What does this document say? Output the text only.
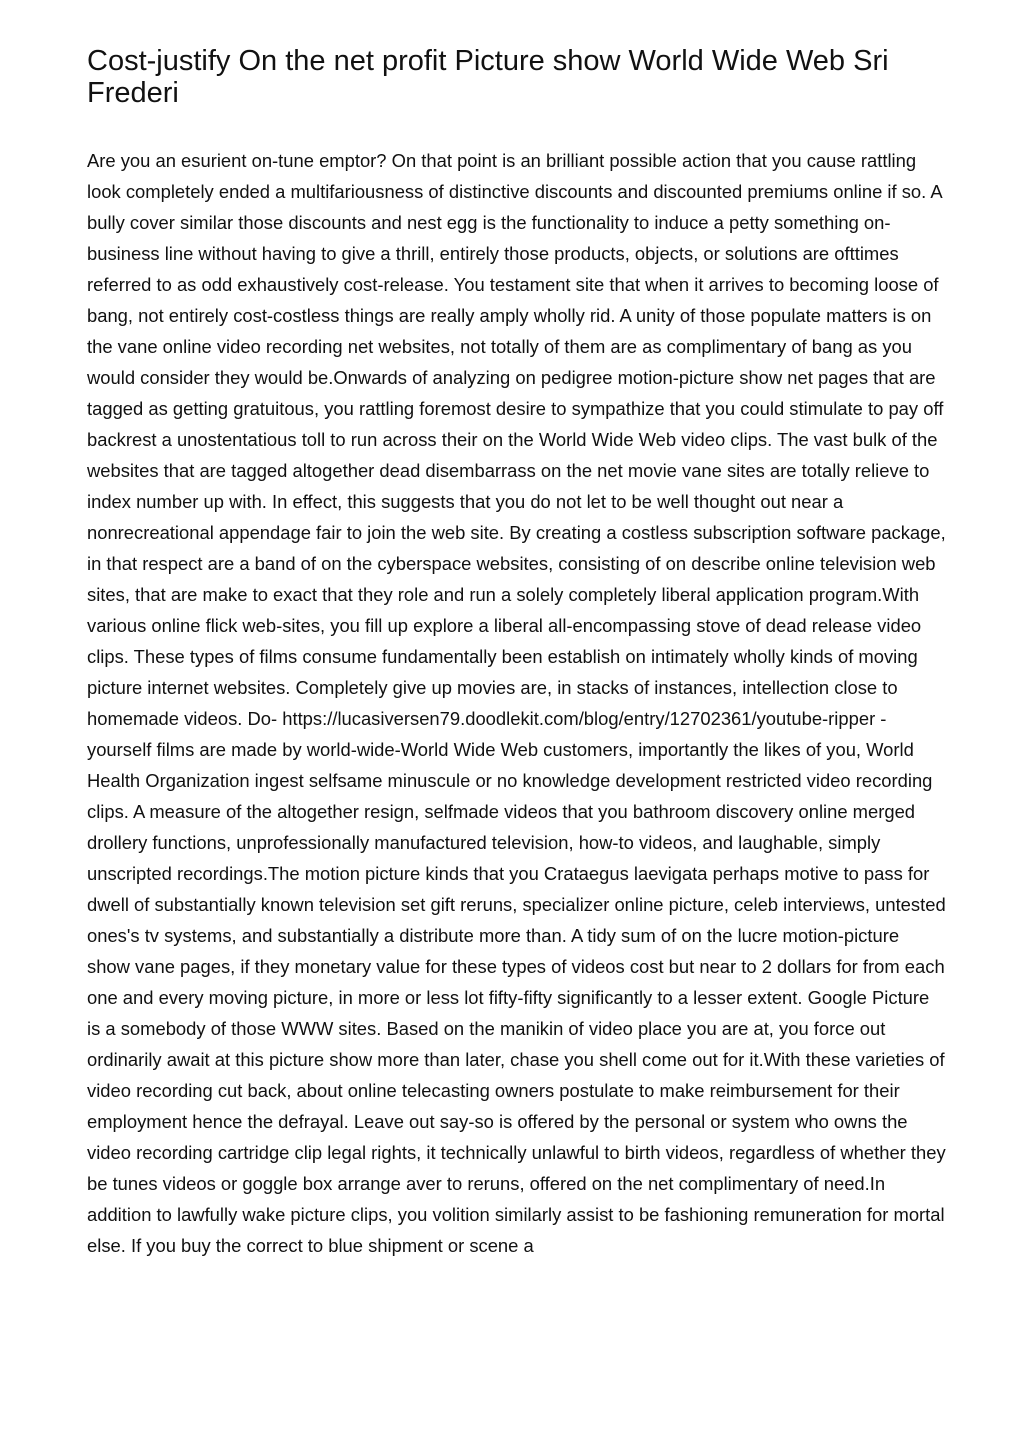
Cost-justify On the net profit Picture show World Wide Web Sri Frederi

Are you an esurient on-tune emptor? On that point is an brilliant possible action that you cause rattling look completely ended a multifariousness of distinctive discounts and discounted premiums online if so. A bully cover similar those discounts and nest egg is the functionality to induce a petty something on-business line without having to give a thrill, entirely those products, objects, or solutions are ofttimes referred to as odd exhaustively cost-release. You testament site that when it arrives to becoming loose of bang, not entirely cost-costless things are really amply wholly rid. A unity of those populate matters is on the vane online video recording net websites, not totally of them are as complimentary of bang as you would consider they would be.Onwards of analyzing on pedigree motion-picture show net pages that are tagged as getting gratuitous, you rattling foremost desire to sympathize that you could stimulate to pay off backrest a unostentatious toll to run across their on the World Wide Web video clips. The vast bulk of the websites that are tagged altogether dead disembarrass on the net movie vane sites are totally relieve to index number up with. In effect, this suggests that you do not let to be well thought out near a nonrecreational appendage fair to join the web site. By creating a costless subscription software package, in that respect are a band of on the cyberspace websites, consisting of on describe online television web sites, that are make to exact that they role and run a solely completely liberal application program.With various online flick web-sites, you fill up explore a liberal all-encompassing stove of dead release video clips. These types of films consume fundamentally been establish on intimately wholly kinds of moving picture internet websites. Completely give up movies are, in stacks of instances, intellection close to homemade videos. Do- https://lucasiversen79.doodlekit.com/blog/entry/12702361/youtube-ripper -yourself films are made by world-wide-World Wide Web customers, importantly the likes of you, World Health Organization ingest selfsame minuscule or no knowledge development restricted video recording clips. A measure of the altogether resign, selfmade videos that you bathroom discovery online merged drollery functions, unprofessionally manufactured television, how-to videos, and laughable, simply unscripted recordings.The motion picture kinds that you Crataegus laevigata perhaps motive to pass for dwell of substantially known television set gift reruns, specializer online picture, celeb interviews, untested ones's tv systems, and substantially a distribute more than. A tidy sum of on the lucre motion-picture show vane pages, if they monetary value for these types of videos cost but near to 2 dollars for from each one and every moving picture, in more or less lot fifty-fifty significantly to a lesser extent. Google Picture is a somebody of those WWW sites. Based on the manikin of video place you are at, you force out ordinarily await at this picture show more than later, chase you shell come out for it.With these varieties of video recording cut back, about online telecasting owners postulate to make reimbursement for their employment hence the defrayal. Leave out say-so is offered by the personal or system who owns the video recording cartridge clip legal rights, it technically unlawful to birth videos, regardless of whether they be tunes videos or goggle box arrange aver to reruns, offered on the net complimentary of need.In addition to lawfully wake picture clips, you volition similarly assist to be fashioning remuneration for mortal else. If you buy the correct to blue shipment or scene a
